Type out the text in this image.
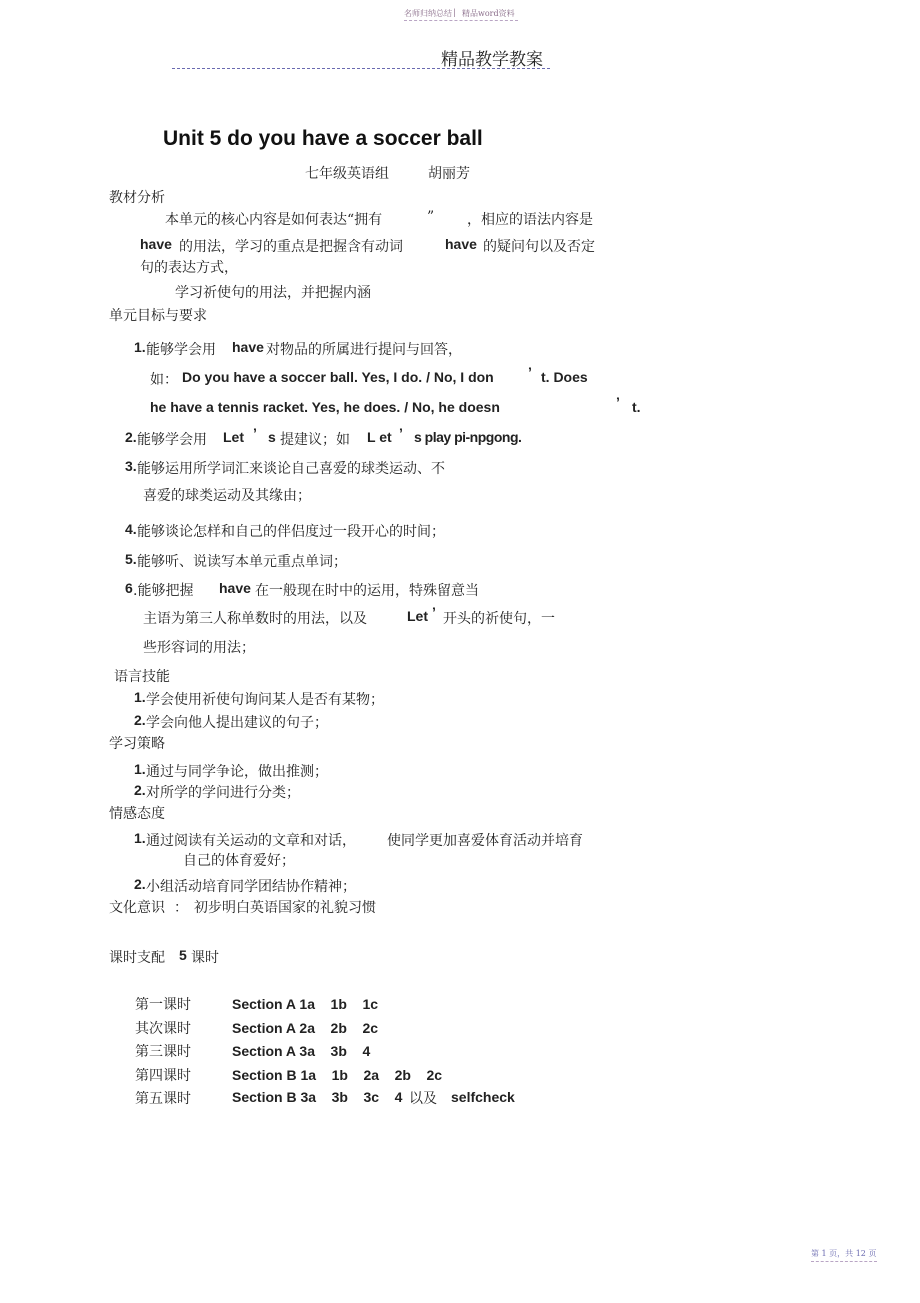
名师归纳总结 | 精品word资料
精品教学教案
Unit 5 do you have a soccer ball
七年级英语组	胡丽芳
教材分析
本单元的核心内容是如何表达“拥有	” ，相应的语法内容是
have 的用法，学习的重点是把握含有动词	have 的疑问句以及否定
句的表达方式，
学习祈使句的用法，并把握内涵
单元目标与要求
1. 能够学会用 have 对物品的所属进行提问与回答，
如： Do you have a soccer ball. Yes, I do. / No, I don ’ t. Does
he have a tennis racket. Yes, he does. / No, he doesn	’ t.
2. 能够学会用 Let ’ s 提建议；如 L et ’ s play pi-npgong.
3. 能够运用所学词汇来谈论自己喜爱的球类运动、不
喜爱的球类运动及其缘由；
4. 能够谈论怎样和自己的伴侣度过一段开心的时间；
5. 能够听、说读写本单元重点单词；
6 .能够把握 have 在一般现在时中的运用，特殊留意当
主语为第三人称单数时的用法，以及	Let ’ 开头的祈使句，一
些形容词的用法；
语言技能
1. 学会使用祈使句询问某人是否有某物；
2. 学会向他人提出建议的句子；
学习策略
1. 通过与同学争论，做出推测；
2. 对所学的学问进行分类；
情感态度
1. 通过阅读有关运动的文章和对话， 使同学更加喜爱体育活动并培育
自己的体育爱好；
2. 小组活动培育同学团结协作精神；
文化意识 ： 初步明白英语国家的礼貌习惯
课时支配 5 课时
第一课时	Section A 1a    1b    1c
其次课时	Section A 2a    2b    2c
第三课时	Section A 3a    3b    4
第四课时	Section B 1a    1b    2a    2b    2c
第五课时	Section B 3a    3b    3c    4 以及 selfcheck
第 1 页，共 12 页
